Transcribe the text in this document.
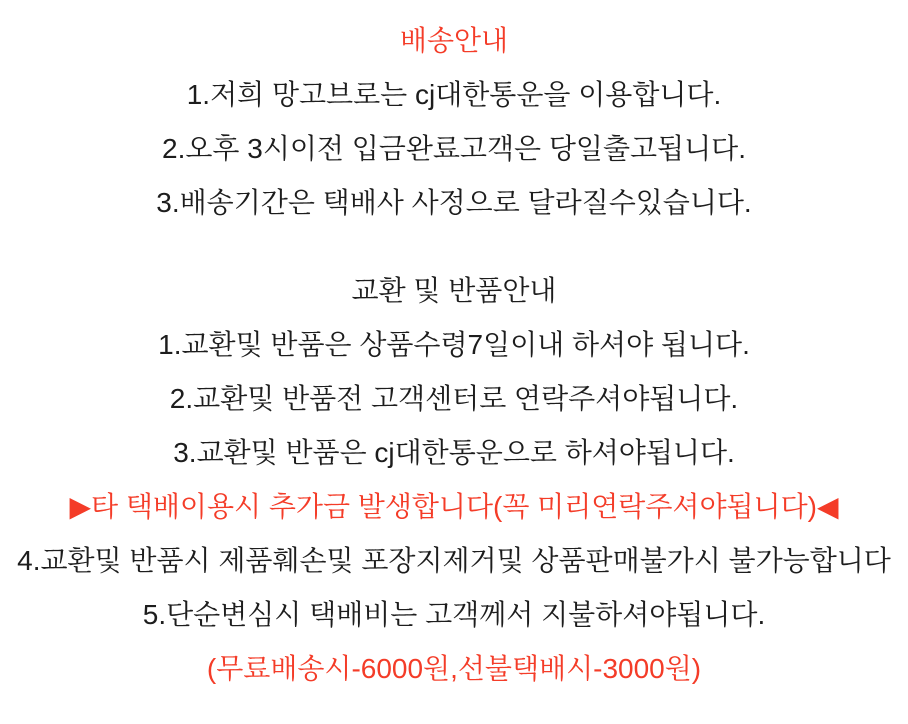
배송안내
1.저희 망고브로는 cj대한통운을 이용합니다.
2.오후 3시이전 입금완료고객은 당일출고됩니다.
3.배송기간은 택배사 사정으로 달라질수있습니다.
교환 및 반품안내
1.교환및 반품은 상품수령7일이내 하셔야 됩니다.
2.교환및 반품전 고객센터로 연락주셔야됩니다.
3.교환및 반품은 cj대한통운으로 하셔야됩니다.
▶타 택배이용시 추가금 발생합니다(꼭 미리연락주셔야됩니다)◀
4.교환및 반품시 제품훼손및 포장지제거및 상품판매불가시 불가능합니다
5.단순변심시 택배비는 고객께서 지불하셔야됩니다.
(무료배송시-6000원,선불택배시-3000원)
